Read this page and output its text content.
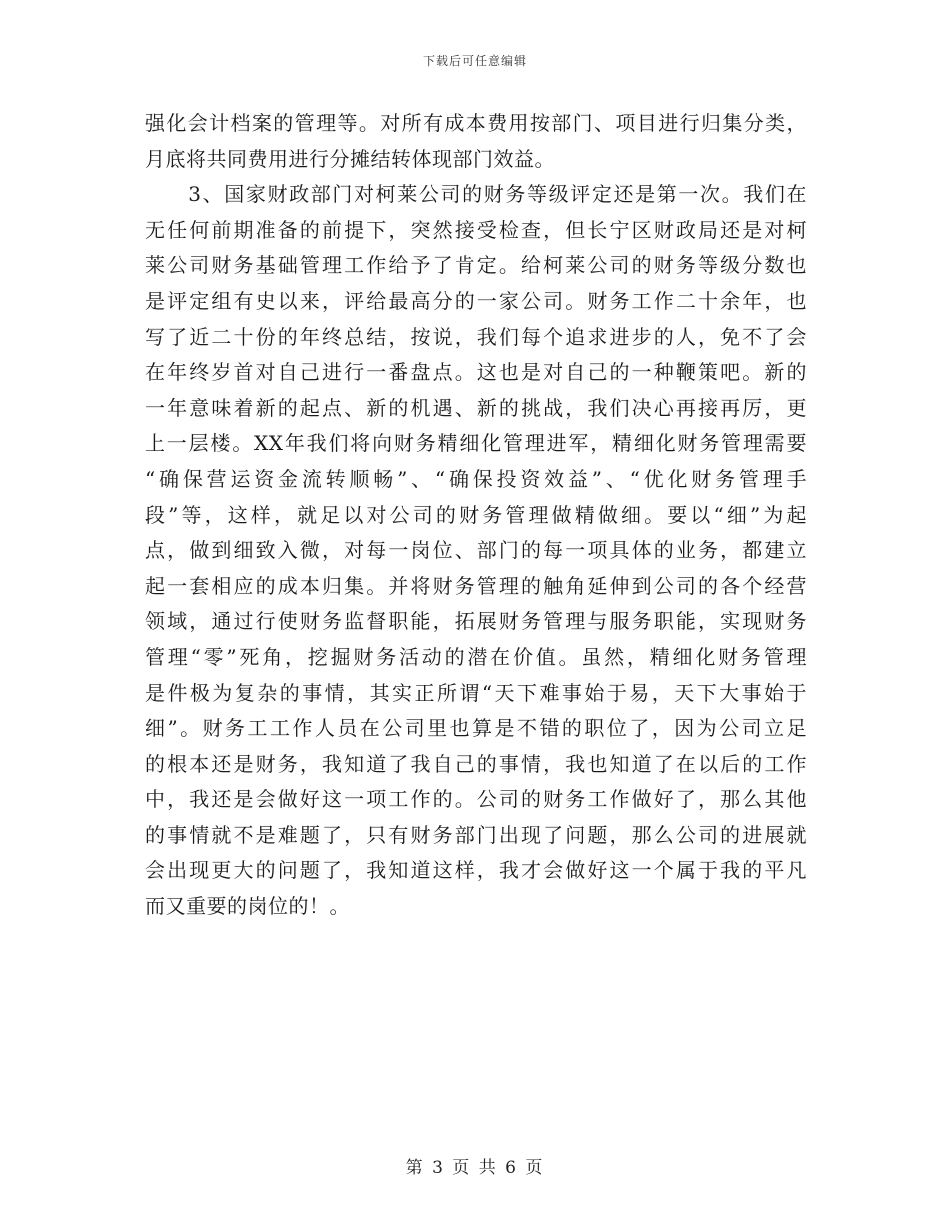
下载后可任意编辑
强化会计档案的管理等。对所有成本费用按部门、项目进行归集分类，
月底将共同费用进行分摊结转体现部门效益。
　　3、国家财政部门对柯莱公司的财务等级评定还是第一次。我们在
无任何前期准备的前提下，突然接受检查，但长宁区财政局还是对柯
莱公司财务基础管理工作给予了肯定。给柯莱公司的财务等级分数也
是评定组有史以来，评给最高分的一家公司。财务工作二十余年，也
写了近二十份的年终总结，按说，我们每个追求进步的人，免不了会
在年终岁首对自己进行一番盘点。这也是对自己的一种鞭策吧。新的
一年意味着新的起点、新的机遇、新的挑战，我们决心再接再厉，更
上一层楼。XX年我们将向财务精细化管理进军，精细化财务管理需要
“确保营运资金流转顺畅”、“确保投资效益”、“优化财务管理手
段”等，这样，就足以对公司的财务管理做精做细。要以“细”为起
点，做到细致入微，对每一岗位、部门的每一项具体的业务，都建立
起一套相应的成本归集。并将财务管理的触角延伸到公司的各个经营
领域，通过行使财务监督职能，拓展财务管理与服务职能，实现财务
管理“零”死角，挖掘财务活动的潜在价值。虽然，精细化财务管理
是件极为复杂的事情，其实正所谓“天下难事始于易，天下大事始于
细”。财务工工作人员在公司里也算是不错的职位了，因为公司立足
的根本还是财务，我知道了我自己的事情，我也知道了在以后的工作
中，我还是会做好这一项工作的。公司的财务工作做好了，那么其他
的事情就不是难题了，只有财务部门出现了问题，那么公司的进展就
会出现更大的问题了，我知道这样，我才会做好这一个属于我的平凡
而又重要的岗位的！。
第 3 页 共 6 页
